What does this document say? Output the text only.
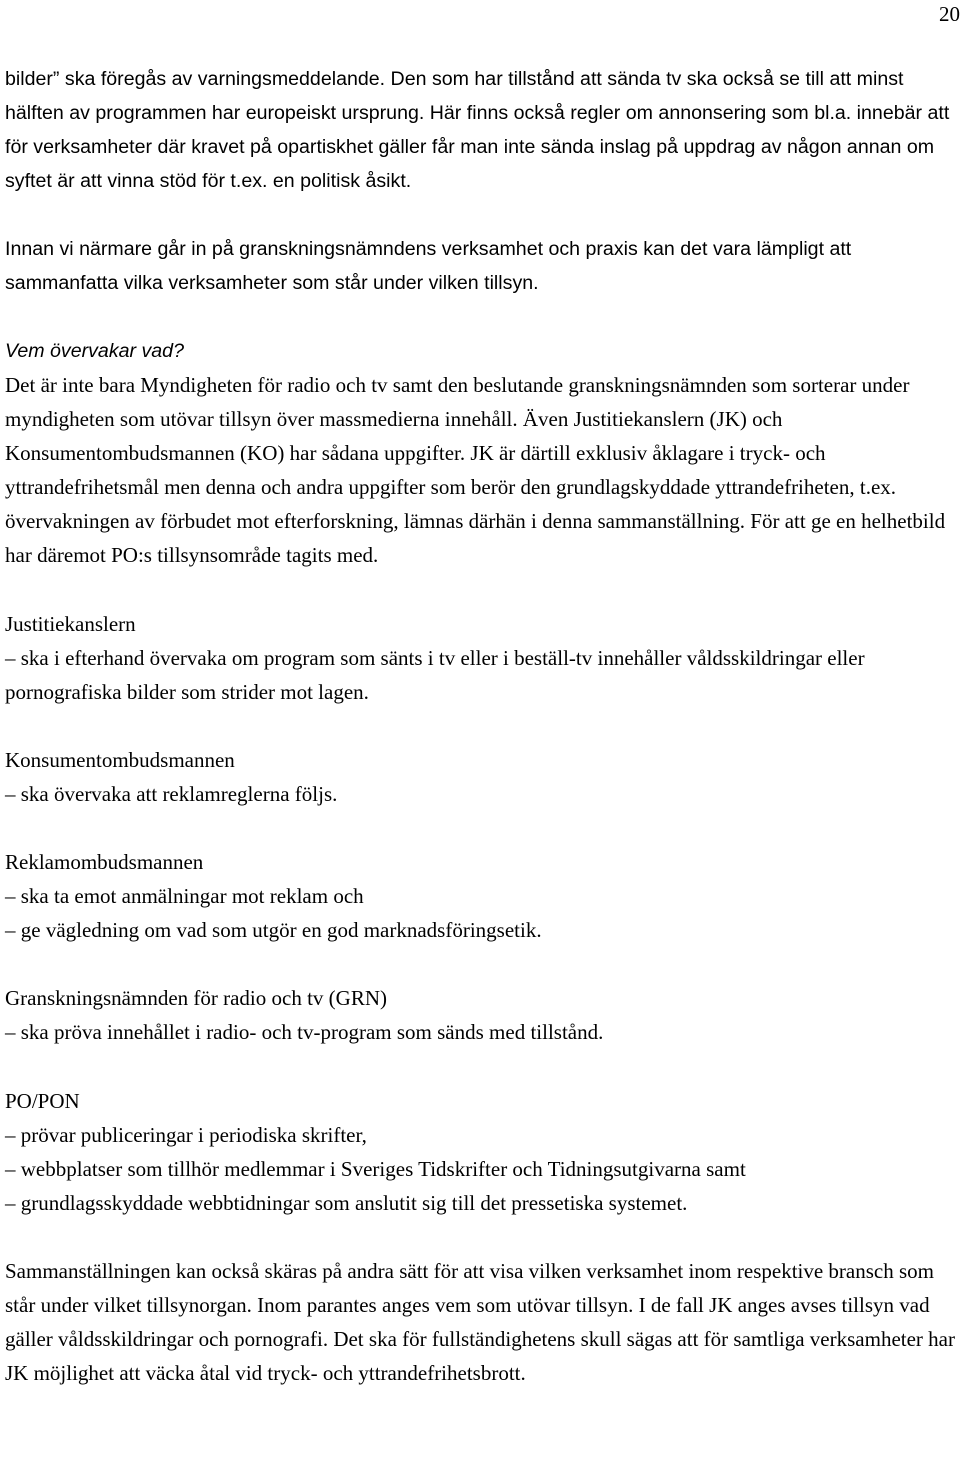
20

bilder” ska föregås av varningsmeddelande. Den som har tillstånd att sända tv ska också se till att minst hälften av programmen har europeiskt ursprung. Här finns också regler om annonsering som bl.a. innebär att för verksamheter där kravet på opartiskhet gäller får man inte sända inslag på uppdrag av någon annan om syftet är att vinna stöd för t.ex. en politisk åsikt.

Innan vi närmare går in på granskningsnämndens verksamhet och praxis kan det vara lämpligt att sammanfatta vilka verksamheter som står under vilken tillsyn.

Vem övervakar vad?

Det är inte bara Myndigheten för radio och tv samt den beslutande granskningsnämnden som sorterar under myndigheten som utövar tillsyn över massmedierna innehåll. Även Justitiekanslern (JK) och Konsumentombudsmannen (KO) har sådana uppgifter. JK är därtill exklusiv åklagare i tryck- och yttrandefrihetsmål men denna och andra uppgifter som berör den grundlagskyddade yttrandefriheten, t.ex. övervakningen av förbudet mot efterforskning, lämnas därhän i denna sammanställning. För att ge en helhetbild har däremot PO:s tillsynsområde tagits med.

Justitiekanslern

– ska i efterhand övervaka om program som sänts i tv eller i beställ-tv innehåller våldsskildringar eller pornografiska bilder som strider mot lagen.

Konsumentombudsmannen

– ska övervaka att reklamreglerna följs.

Reklamombudsmannen

– ska ta emot anmälningar mot reklam och

– ge vägledning om vad som utgör en god marknadsföringsetik.

Granskningsnämnden för radio och tv (GRN)

– ska pröva innehållet i radio- och tv-program som sänds med tillstånd.

PO/PON

– prövar publiceringar i periodiska skrifter,

– webbplatser som tillhör medlemmar i Sveriges Tidskrifter och Tidningsutgivarna samt

– grundlagsskyddade webbtidningar som anslutit sig till det pressetiska systemet.

Sammanställningen kan också skäras på andra sätt för att visa vilken verksamhet inom respektive bransch som står under vilket tillsynorgan. Inom parantes anges vem som utövar tillsyn. I de fall JK anges avses tillsyn vad gäller våldsskildringar och pornografi. Det ska för fullständighetens skull sägas att för samtliga verksamheter har JK möjlighet att väcka åtal vid tryck- och yttrandefrihetsbrott.
